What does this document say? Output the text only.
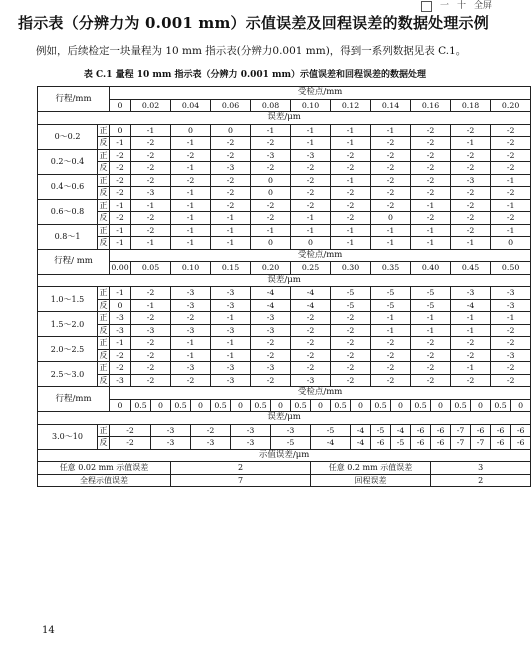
一 十 全屏
指示表（分辨力为 0.001 mm）示值误差及回程误差的数据处理示例
例如，后续检定一块量程为 10 mm 指示表(分辨力0.001 mm)，得到一系列数据见表 C.1。
表 C.1 量程 10 mm 指示表（分辨力 0.001 mm）示值误差和回程误差的数据处理
行程/mm		受检点/mm																				
		0	0.02		0.04		0.06		0.08		0.10		0.12		0.14		0.16		0.18		0.20	
误差/μm																						
0～0.2	正	0	-1		0		0		-1		-1		-1		-1		-2		-2		-2	
	反	-1	-2		-1		-2		-2		-1		-1		-2		-2		-1		-2	
0.2～0.4	正	-2	-2		-2		-2		-3		-3		-2		-2		-2		-2		-2	
	反	-2	-2		-1		-3		-2		-2		-2		-2		-2		-2		-2	
0.4～0.6	正	-2	-2		-2		-2		0		-2		-1		-2		-2		-3		-1	
	反	-2	-3		-1		-2		0		-2		-2		-2		-2		-2		-2	
0.6～0.8	正	-1	-1		-1		-2		-2		-2		-2		-2		-1		-2		-1	
	反	-2	-2		-1		-1		-2		-1		-2		0		-2		-2		-2	
0.8～1	正	-1	-2		-1		-1		-1		-1		-1		-1		-1		-2		-1	
	反	-1	-1		-1		-1		0		0		-1		-1		-1		-1		0	
行程/ mm		受检点/mm																				
		0.00	0.05		0.10		0.15		0.20		0.25		0.30		0.35		0.40		0.45		0.50	
误差/μm																						
1.0～1.5	正	-1	-2		-3		-3		-4		-4		-5		-5		-5		-3		-3	
	反	0	-1		-3		-3		-4		-4		-5		-5		-5		-4		-3	
1.5～2.0	正	-3	-2		-2		-1		-3		-2		-2		-1		-1		-1		-1	
	反	-3	-3		-3		-3		-3		-2		-2		-1		-1		-1		-2	
2.0～2.5	正	-1	-2		-1		-1		-2		-2		-2		-2		-2		-2		-2	
	反	-2	-2		-1		-1		-2		-2		-2		-2		-2		-2		-3	
2.5～3.0	正	-2	-2		-3		-3		-3		-2		-2		-2		-2		-1		-2	
	反	-3	-2		-2		-3		-2		-3		-2		-2		-2		-2		-2	
行程/mm		受检点/mm																				
		0	0.5	0	0.5	0	0.5	0	0.5	0	0.5	0	0.5	0	0.5	0	0.5	0	0.5	0	0.5	0
误差/μm																						
3.0～10	正	-2		-3		-2		-3		-3		-5		-4	-5	-4	-6	-6	-7	-6	-6	-6
	反	-2		-3		-3		-3		-5		-4		-4	-6	-5	-6	-6	-7	-7	-6	-6
示值误差/μm																						
任意 0.02 mm 示值误差					2							任意 0.2 mm 示值误差						3				
全程示值误差					7							回程误差						2				
14
